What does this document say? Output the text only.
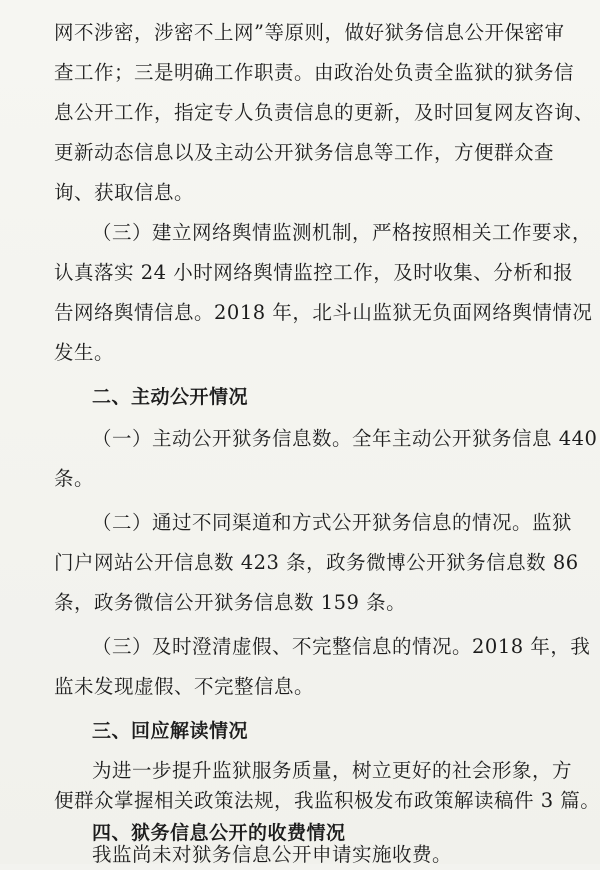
网不涉密，涉密不上网”等原则，做好狱务信息公开保密审
查工作；三是明确工作职责。由政治处负责全监狱的狱务信
息公开工作，指定专人负责信息的更新，及时回复网友咨询、
更新动态信息以及主动公开狱务信息等工作，方便群众查
询、获取信息。
（三）建立网络舆情监测机制，严格按照相关工作要求，
认真落实 24 小时网络舆情监控工作，及时收集、分析和报
告网络舆情信息。2018 年，北斗山监狱无负面网络舆情情况
发生。
二、主动公开情况
（一）主动公开狱务信息数。全年主动公开狱务信息 440
条。
（二）通过不同渠道和方式公开狱务信息的情况。监狱
门户网站公开信息数 423 条，政务微博公开狱务信息数 86
条，政务微信公开狱务信息数 159 条。
（三）及时澄清虚假、不完整信息的情况。2018 年，我
监未发现虚假、不完整信息。
三、回应解读情况
为进一步提升监狱服务质量，树立更好的社会形象，方
便群众掌握相关政策法规，我监积极发布政策解读稿件 3 篇。
四、狱务信息公开的收费情况
我监尚未对狱务信息公开申请实施收费。
